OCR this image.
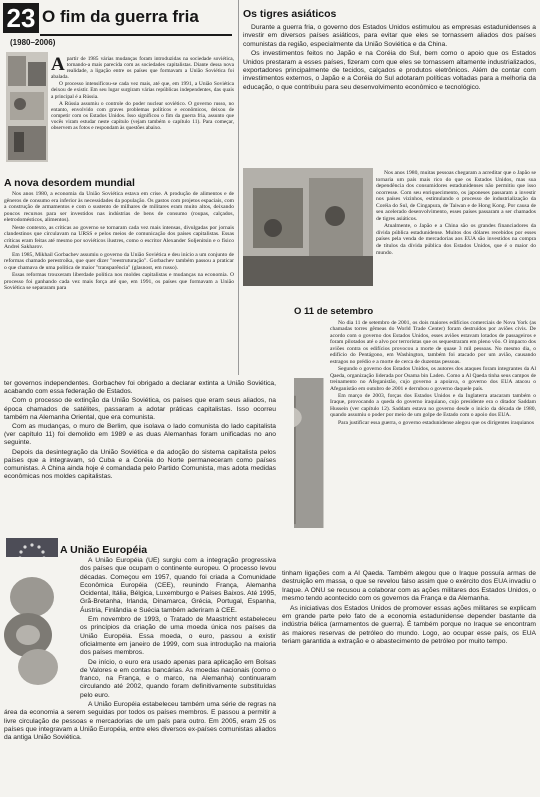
23 O fim da guerra fria
(1980–2006)

Apartir de 1985 várias mudanças foram introduzidas na sociedade soviética, tornando-a mais parecida com as sociedades capitalistas. Diante dessa nova realidade, a ligação entre os países que formavam a União Soviética foi abalada.

O processo intensificou-se cada vez mais, até que, em 1991, a União Soviética deixou de existir. Em seu lugar surgiram várias repúblicas independentes, das quais a principal é a Rússia.

A Rússia assumiu o controle do poder nuclear soviético. O governo russo, no entanto, envolvido com graves problemas políticos e econômicos, deixou de competir com os Estados Unidos. Isso significou o fim da guerra fria, assunto que vocês viram estudar neste capítulo (vejam também o capítulo 11). Para começar, observem as fotos e respondam às questões abaixo.

A nova desordem mundial

Nos anos 1980, a economia da União Soviética estava em crise. A produção de alimentos e de gêneros de consumo era inferior às necessidades da população. Os gastos com projetos espaciais, com a construção de armamentos e com o sustento de milhares de militares eram muito altos, deixando poucos recursos para ser investidos nas indústrias de bens de consumo (roupas, calçados, eletrodomésticos, alimentos).

Neste contexto, as críticas ao governo se tornaram cada vez mais intensas, divulgadas por jornais clandestinos que circulavam na URSS e pelos meios de comunicação dos países capitalistas. Essas críticas eram feitas até mesmo por soviéticos ilustres, como o escritor Alexander Soljenitsin e o físico Andrei Sakharov.

Em 1985, Mikhail Gorbachev assumiu o governo da União Soviética e deu início a um conjunto de reformas chamado perestroika, que quer dizer "reestruturação". Gorbachev também passou a praticar o que chamava de uma política de maior "transparência" (glasnost, em russo).

Essas reformas trouxeram liberdade política nos moldes capitalistas e mudanças na economia. O processo foi ganhando cada vez mais força até que, em 1991, os países que formavam a União Soviética se separaram para

ter governos independentes. Gorbachev foi obrigado a declarar extinta a União Soviética, acabando com essa federação de Estados.

Com o processo de extinção da União Soviética, os países que eram seus aliados, na época chamados de satélites, passaram a adotar práticas capitalistas. Isso ocorreu também na Alemanha Oriental, que era comunista.

Com as mudanças, o muro de Berlim, que isolava o lado comunista do lado capitalista (ver capítulo 11) foi demolido em 1989 e as duas Alemanhas foram unificadas no ano seguinte.

Depois da desintegração da União Soviética e da adoção do sistema capitalista pelos países que a integravam, só Cuba e a Coréia do Norte permaneceram como países comunistas. A China ainda hoje é comandada pelo Partido Comunista, mas adota medidas econômicas nos moldes capitalistas.

A União Européia

A União Européia (UE) surgiu com a integração progressiva dos países que ocupam o continente europeu. O processo levou décadas. Começou em 1957, quando foi criada a Comunidade Econômica Européia (CEE), reunindo França, Alemanha Ocidental, Itália, Bélgica, Luxemburgo e Países Baixos. Até 1995, Grã-Bretanha, Irlanda, Dinamarca, Grécia, Portugal, Espanha, Áustria, Finlândia e Suécia também aderiram à CEE.

Em novembro de 1993, o Tratado de Maastricht estabeleceu os princípios da criação de uma moeda única nos países da União Européia. Essa moeda, o euro, passou a existir oficialmente em janeiro de 1999, com sua introdução na maioria dos países membros.

De início, o euro era usado apenas para aplicação em Bolsas de Valores e em contas bancárias. As moedas nacionais (como o franco, na França, e o marco, na Alemanha) continuaram circulando até 2002, quando foram definitivamente substituídas pelo euro.

A União Européia estabeleceu também uma série de regras na área da economia a serem seguidas por todos os países membros. E passou a permitir a livre circulação de pessoas e mercadorias de um país para outro. Em 2005, eram 25 os países que integravam a União Européia, entre eles diversos ex-países comunistas aliados da antiga União Soviética.

Os tigres asiáticos

Durante a guerra fria, o governo dos Estados Unidos estimulou as empresas estadunidenses a investir em diversos países asiáticos, para evitar que eles se tornassem aliados dos países comunistas da região, especialmente da União Soviética e da China.

Os investimentos feitos no Japão e na Coréia do Sul, bem como o apoio que os Estados Unidos prestaram a esses países, fizeram com que eles se tornassem altamente industrializados, exportadores principalmente de tecidos, calçados e produtos eletrônicos. Além de contar com investimentos externos, o Japão e a Coréia do Sul adotaram políticas voltadas para a melhoria da educação, o que contribuiu para seu desenvolvimento econômico e tecnológico.

Nos anos 1980, muitas pessoas chegaram a acreditar que o Japão se tornaria um país mais rico do que os Estados Unidos, mas sua dependência dos consumidores estadunidenses não permitiu que isso ocorresse. Com seu enriquecimento, os japoneses passaram a investir nos países vizinhos, estimulando o processo de industrialização da Coréia do Sul, de Cingapura, de Taiwan e de Hong Kong. Por causa de seu acelerado desenvolvimento, esses países passaram a ser chamados de tigres asiáticos.

Atualmente, o Japão e a China são os grandes financiadores da dívida pública estadunidense. Muitos dos dólares recebidos por esses países pela venda de mercadorias aos EUA são investidos na compra de títulos da dívida pública dos Estados Unidos, que é o maior do mundo.

O 11 de setembro

No dia 11 de setembro de 2001, os dois maiores edifícios comerciais de Nova York (as chamadas torres gêmeas do World Trade Center) foram destruídos por aviões civis. De acordo com o governo dos Estados Unidos, esses aviões estavam lotados de passageiros e foram pilotados até o alvo por terroristas que os sequestraram em pleno vôo. O impacto dos aviões contra os edifícios provocou a morte de quase 3 mil pessoas. No mesmo dia, o edifício do Pentágono, em Washington, também foi atacado por um avião, causando estragos no prédio e a morte de cerca de duzentas pessoas.

Segundo o governo dos Estados Unidos, os autores dos ataques foram integrantes da Al Qaeda, organização liderada por Osama bin Laden. Como a Al Qaeda tinha seus campos de treinamento no Afeganistão, cujo governo a apoiava, o governo dos EUA atacou o Afeganistão em outubro de 2001 e derrubou o governo daquele país.

Em março de 2003, forças dos Estados Unidos e da Inglaterra atacaram também o Iraque, provocando a queda do governo iraquiano, cujo presidente era o ditador Saddam Hussein (ver capítulo 12). Saddam estava no governo desde o início da década de 1980, quando assumiu o poder por meio de um golpe de Estado com o apoio dos EUA.

Para justificar essa guerra, o governo estadunidense alegou que os dirigentes iraquianos

tinham ligações com a Al Qaeda. Também alegou que o Iraque possuía armas de destruição em massa, o que se revelou falso assim que o exército dos EUA invadiu o Iraque. A ONU se recusou a colaborar com as ações militares dos Estados Unidos, o mesmo tendo acontecido com os governos da França e da Alemanha.

As iniciativas dos Estados Unidos de promover essas ações militares se explicam em grande parte pelo fato de a economia estadunidense depender bastante da indústria bélica (armamentos de guerra). É também porque no Iraque se encontram as maiores reservas de petróleo do mundo. Logo, ao ocupar esse país, os EUA teriam garantida a extração e o abastecimento de petróleo por muito tempo.
